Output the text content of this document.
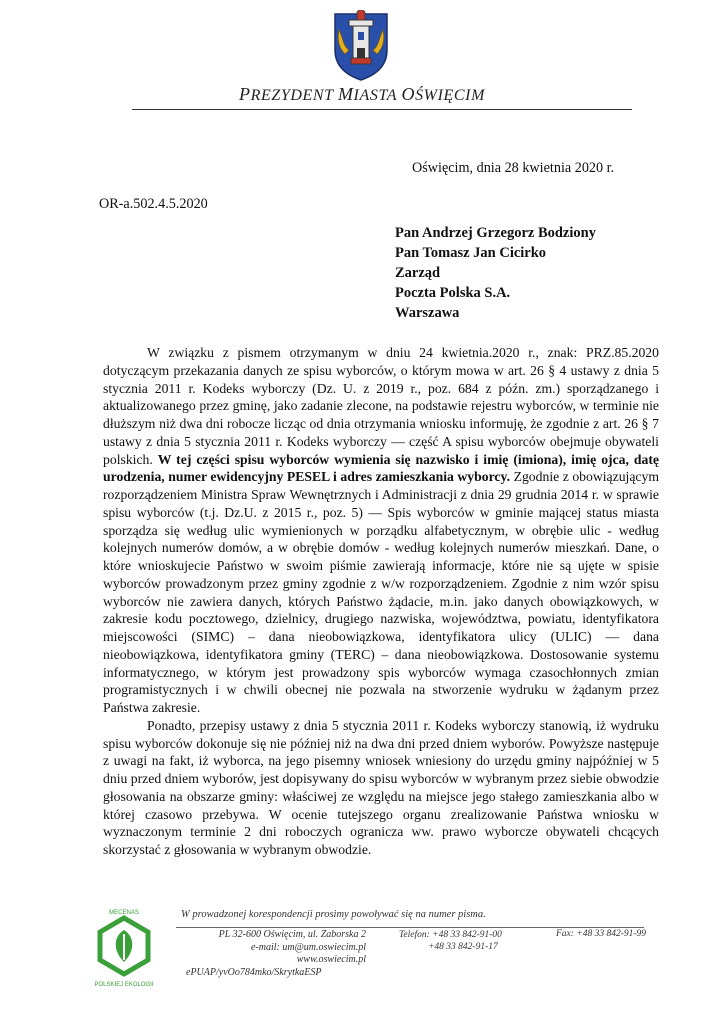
PREZYDENT MIASTA OŚWIĘCIM
Oświęcim, dnia 28 kwietnia 2020 r.
OR-a.502.4.5.2020
Pan Andrzej Grzegorz Bodziony
Pan Tomasz Jan Cicirko
Zarząd
Poczta Polska S.A.
Warszawa

W związku z pismem otrzymanym w dniu 24 kwietnia.2020 r., znak: PRZ.85.2020 dotyczącym przekazania danych ze spisu wyborców, o którym mowa w art. 26 § 4 ustawy z dnia 5 stycznia 2011 r. Kodeks wyborczy (Dz. U. z 2019 r., poz. 684 z późn. zm.) sporządzanego i aktualizowanego przez gminę, jako zadanie zlecone, na podstawie rejestru wyborców, w terminie nie dłuższym niż dwa dni robocze licząc od dnia otrzymania wniosku informuję, że zgodnie z art. 26 § 7 ustawy z dnia 5 stycznia 2011 r. Kodeks wyborczy — część A spisu wyborców obejmuje obywateli polskich. W tej części spisu wyborców wymienia się nazwisko i imię (imiona), imię ojca, datę urodzenia, numer ewidencyjny PESEL i adres zamieszkania wyborcy. Zgodnie z obowiązującym rozporządzeniem Ministra Spraw Wewnętrznych i Administracji z dnia 29 grudnia 2014 r. w sprawie spisu wyborców (t.j. Dz.U. z 2015 r., poz. 5) — Spis wyborców w gminie mającej status miasta sporządza się według ulic wymienionych w porządku alfabetycznym, w obrębie ulic - według kolejnych numerów domów, a w obrębie domów - według kolejnych numerów mieszkań. Dane, o które wnioskujecie Państwo w swoim piśmie zawierają informacje, które nie są ujęte w spisie wyborców prowadzonym przez gminy zgodnie z w/w rozporządzeniem. Zgodnie z nim wzór spisu wyborców nie zawiera danych, których Państwo żądacie, m.in. jako danych obowiązkowych, w zakresie kodu pocztowego, dzielnicy, drugiego nazwiska, województwa, powiatu, identyfikatora miejscowości (SIMC) – dana nieobowiązkowa, identyfikatora ulicy (ULIC) — dana nieobowiązkowa, identyfikatora gminy (TERC) – dana nieobowiązkowa. Dostosowanie systemu informatycznego, w którym jest prowadzony spis wyborców wymaga czasochłonnych zmian programistycznych i w chwili obecnej nie pozwala na stworzenie wydruku w żądanym przez Państwa zakresie.

Ponadto, przepisy ustawy z dnia 5 stycznia 2011 r. Kodeks wyborczy stanowią, iż wydruku spisu wyborców dokonuje się nie później niż na dwa dni przed dniem wyborów. Powyższe następuje z uwagi na fakt, iż wyborca, na jego pisemny wniosek wniesiony do urzędu gminy najpóźniej w 5 dniu przed dniem wyborów, jest dopisywany do spisu wyborców w wybranym przez siebie obwodzie głosowania na obszarze gminy: właściwej ze względu na miejsce jego stałego zamieszkania albo w której czasowo przebywa. W ocenie tutejszego organu zrealizowanie Państwa wniosku w wyznaczonym terminie 2 dni roboczych ogranicza ww. prawo wyborcze obywateli chcących skorzystać z głosowania w wybranym obwodzie.

MECENAS
POLSKIEJ EKOLOGII
W prowadzonej korespondencji prosimy powoływać się na numer pisma.
PL 32-600 Oświęcim, ul. Zaborska 2
e-mail: um@um.oswiecim.pl
www.oswiecim.pl
ePUAP/yvOo784mko/SkrytkaESP
Telefon: +48 33 842-91-00
+48 33 842-91-17
Fax: +48 33 842-91-99
